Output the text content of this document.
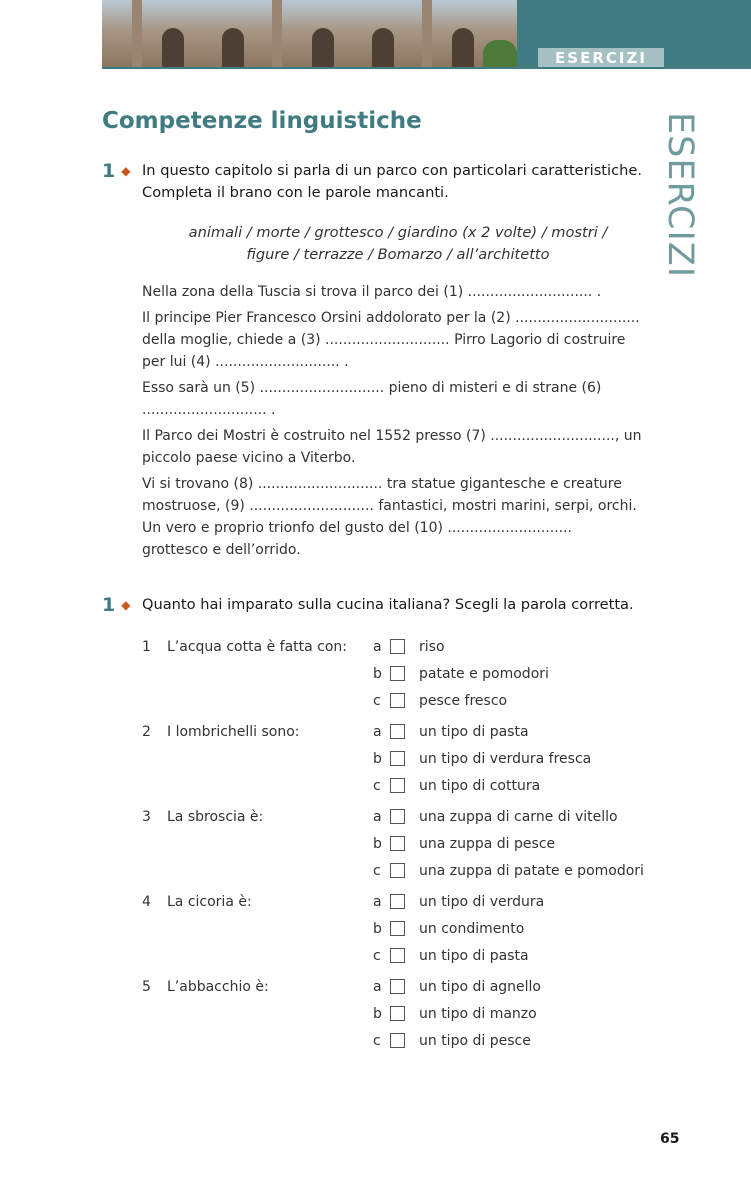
ESERCIZI
ESERCIZI
Competenze linguistiche
1 ◆ In questo capitolo si parla di un parco con particolari caratteristiche.
Completa il brano con le parole mancanti.
animali / morte / grottesco / giardino (x 2 volte) / mostri /
figure / terrazze / Bomarzo / all’architetto

Nella zona della Tuscia si trova il parco dei (1) ............................ .

Il principe Pier Francesco Orsini addolorato per la (2) ............................ della moglie, chiede a (3) ............................ Pirro Lagorio di costruire per lui (4) ............................ .

Esso sarà un (5) ............................ pieno di misteri e di strane (6) ............................ .

Il Parco dei Mostri è costruito nel 1552 presso (7) ............................, un piccolo paese vicino a Viterbo.

Vi si trovano (8) ............................ tra statue gigantesche e creature mostruose, (9) ............................ fantastici, mostri marini, serpi, orchi. Un vero e proprio trionfo del gusto del (10) ............................ grottesco e dell’orrido.

1 ◆ Quanto hai imparato sulla cucina italiana? Scegli la parola corretta.
1	L’acqua cotta è fatta con:	a	riso
b	patate e pomodori
c	pesce fresco
2	I lombrichelli sono:	a	un tipo di pasta
b	un tipo di verdura fresca
c	un tipo di cottura
3	La sbroscia è:	a	una zuppa di carne di vitello
b	una zuppa di pesce
c	una zuppa di patate e pomodori
4	La cicoria è:	a	un tipo di verdura
b	un condimento
c	un tipo di pasta
5	L’abbacchio è:	a	un tipo di agnello
b	un tipo di manzo
c	un tipo di pesce
65
